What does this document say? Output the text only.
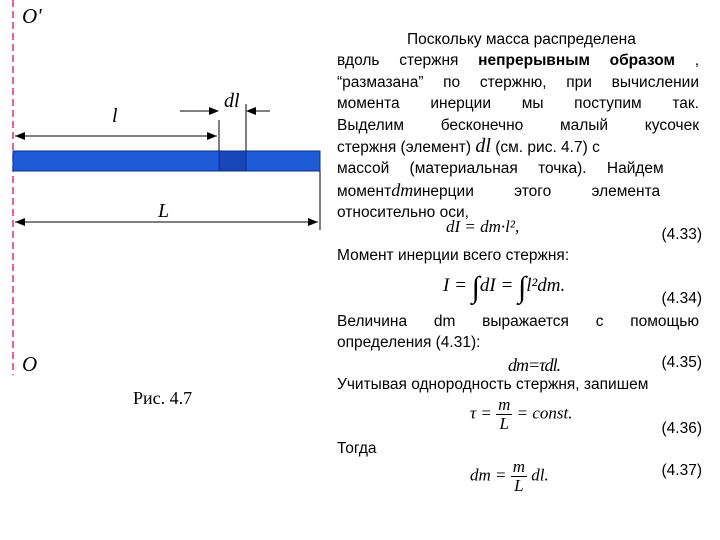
O'
O
l
dl
L
Рис. 4.7
Поскольку масса распределена
вдоль стержня непрерывным образом ,
“размазана” по стержню, при вычислении
момента инерции мы поступим так.
Выделим бесконечно малый кусочек
стержня (элемент) dl (см. рис. 4.7) с
массой (материальная точка). Найдем
моментdmинерции этого элемента
относительно оси,
dI = dm·l²,	(4.33)
Момент инерции всего стержня:
I = ∫dI = ∫l²dm.
(4.34)
Величина dm выражается с помощью
определения (4.31):
dm=τdl.	(4.35)
Учитывая однородность стержня, запишем
$\tau = \frac{m}{L}$ = const.
(4.36)
Тогда
dm = $\frac{m}{L}$ dl.	(4.37)
